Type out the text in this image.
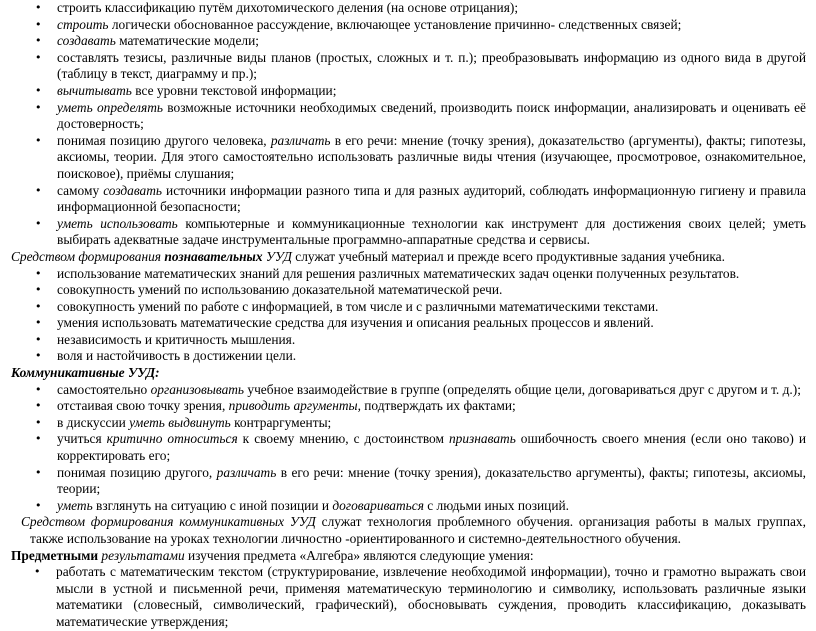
• строить классификацию путём дихотомического деления (на основе отрицания);
• строить логически обоснованное рассуждение, включающее установление причинно- следственных связей;
• создавать математические модели;
• составлять тезисы, различные виды планов (простых, сложных и т. п.); преобразовывать информацию из одного вида в другой (таблицу в текст, диаграмму и пр.);
• вычитывать все уровни текстовой информации;
• уметь определять возможные источники необходимых сведений, производить поиск информации, анализировать и оценивать её достоверность;
• понимая позицию другого человека, различать в его речи: мнение (точку зрения), доказательство (аргументы), факты; гипотезы, аксиомы, теории. Для этого самостоятельно использовать различные виды чтения (изучающее, просмотровое, ознакомительное, поисковое), приёмы слушания;
• самому создавать источники информации разного типа и для разных аудиторий, соблюдать информационную гигиену и правила информационной безопасности;
• уметь использовать компьютерные и коммуникационные технологии как инструмент для достижения своих целей; уметь выбирать адекватные задаче инструментальные программно-аппаратные средства и сервисы.
Средством формирования познавательных УУД служат учебный материал и прежде всего продуктивные задания учебника.
• использование математических знаний для решения различных математических задач оценки полученных результатов.
• совокупность умений по использованию доказательной математической речи.
• совокупность умений по работе с информацией, в том числе и с различными математическими текстами.
• умения использовать математические средства для изучения и описания реальных процессов и явлений.
• независимость и критичность мышления.
• воля и настойчивость в достижении цели.
Коммуникативные УУД:
• самостоятельно организовывать учебное взаимодействие в группе (определять общие цели, договариваться друг с другом и т. д.);
• отстаивая свою точку зрения, приводить аргументы, подтверждать их фактами;
• в дискуссии уметь выдвинуть контраргументы;
• учиться критично относиться к своему мнению, с достоинством признавать ошибочность своего мнения (если оно таково) и корректировать его;
• понимая позицию другого, различать в его речи: мнение (точку зрения), доказательство аргументы), факты; гипотезы, аксиомы, теории;
• уметь взглянуть на ситуацию с иной позиции и договариваться с людьми иных позиций.
Средством формирования коммуникативных УУД служат технология проблемного обучения. организация работы в малых группах, также использование на уроках технологии личностно -ориентированного и системно-деятельностного обучения.
Предметными результатами изучения предмета «Алгебра» являются следующие умения:
• работать с математическим текстом (структурирование, извлечение необходимой информации), точно и грамотно выражать свои мысли в устной и письменной речи, применяя математическую терминологию и символику, использовать различные языки математики (словесный, символический, графический), обосновывать суждения, проводить классификацию, доказывать математические утверждения;
